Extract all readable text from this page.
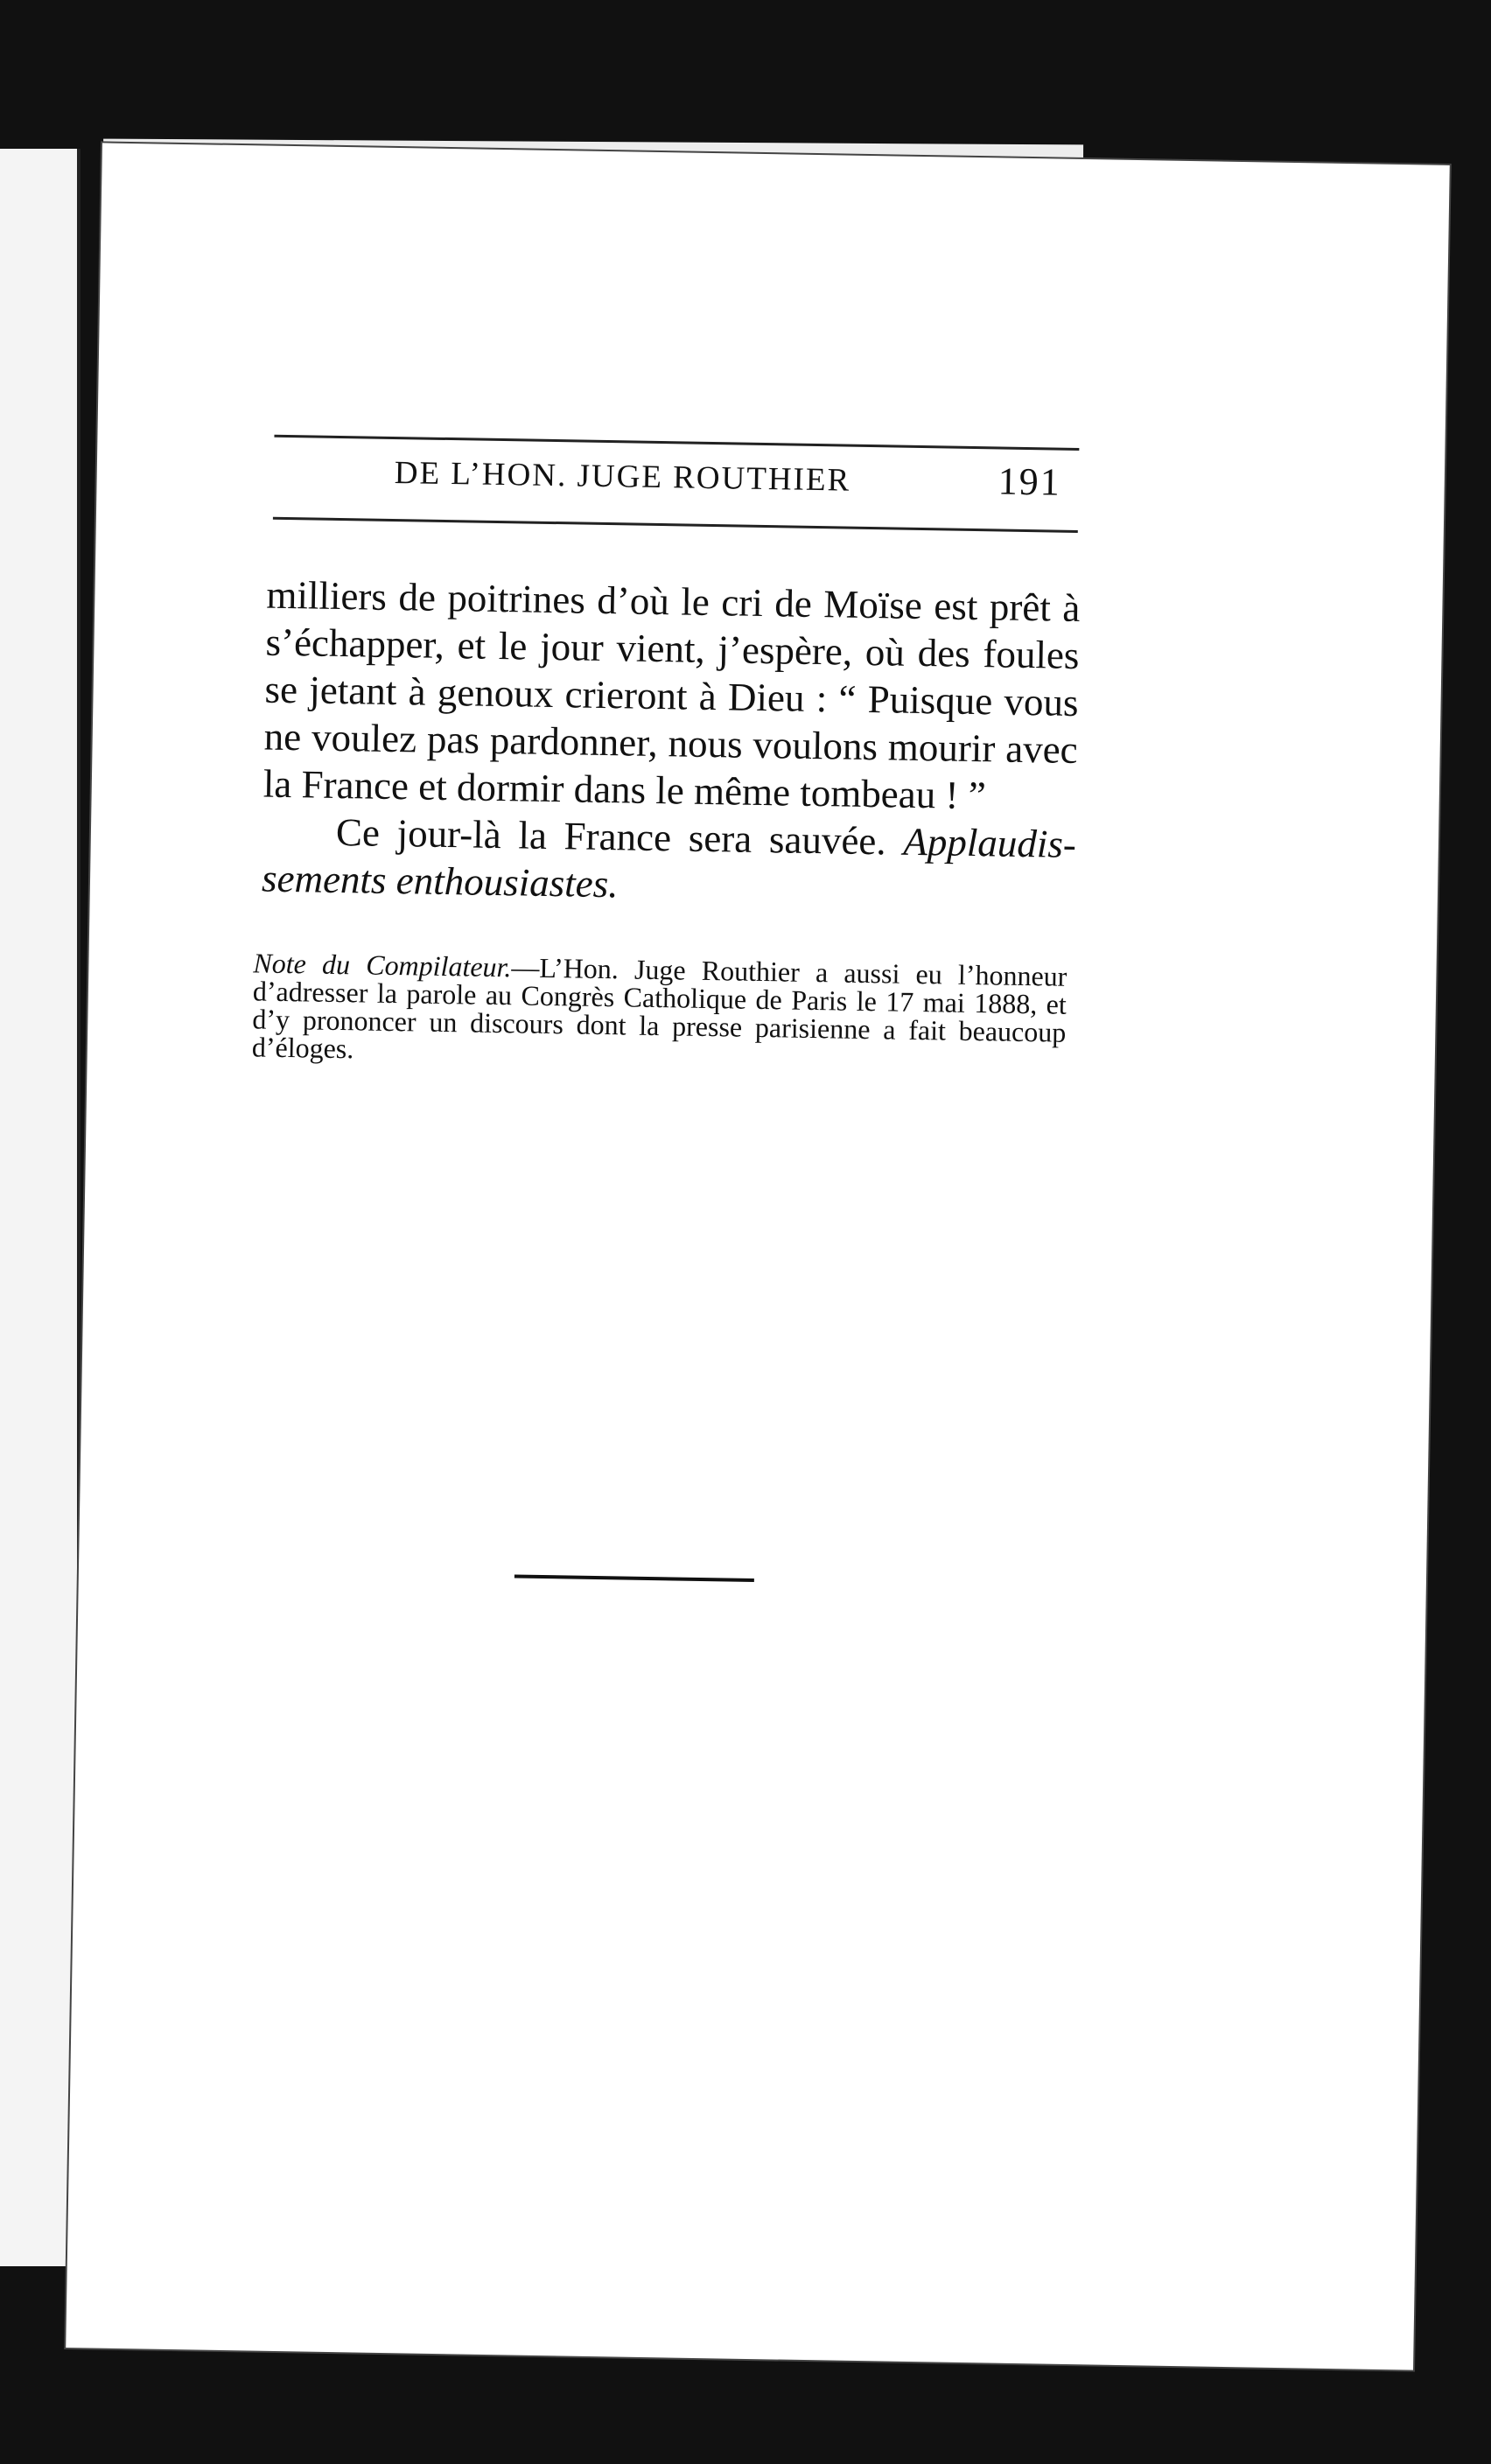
DE L’HON. JUGE ROUTHIER	191

milliers de poitrines d’où le cri de Moïse est prêt à s’échapper, et le jour vient, j’espère, où des foules se jetant à genoux crieront à Dieu : “ Puisque vous ne voulez pas pardonner, nous voulons mourir avec la France et dormir dans le même tombeau ! ”

Ce jour-là la France sera sauvée. Applaudis-sements enthousiastes.

Note du Compilateur.—L’Hon. Juge Routhier a aussi eu l’honneur d’adresser la parole au Congrès Catholique de Paris le 17 mai 1888, et d’y prononcer un discours dont la presse parisienne a fait beaucoup d’éloges.
